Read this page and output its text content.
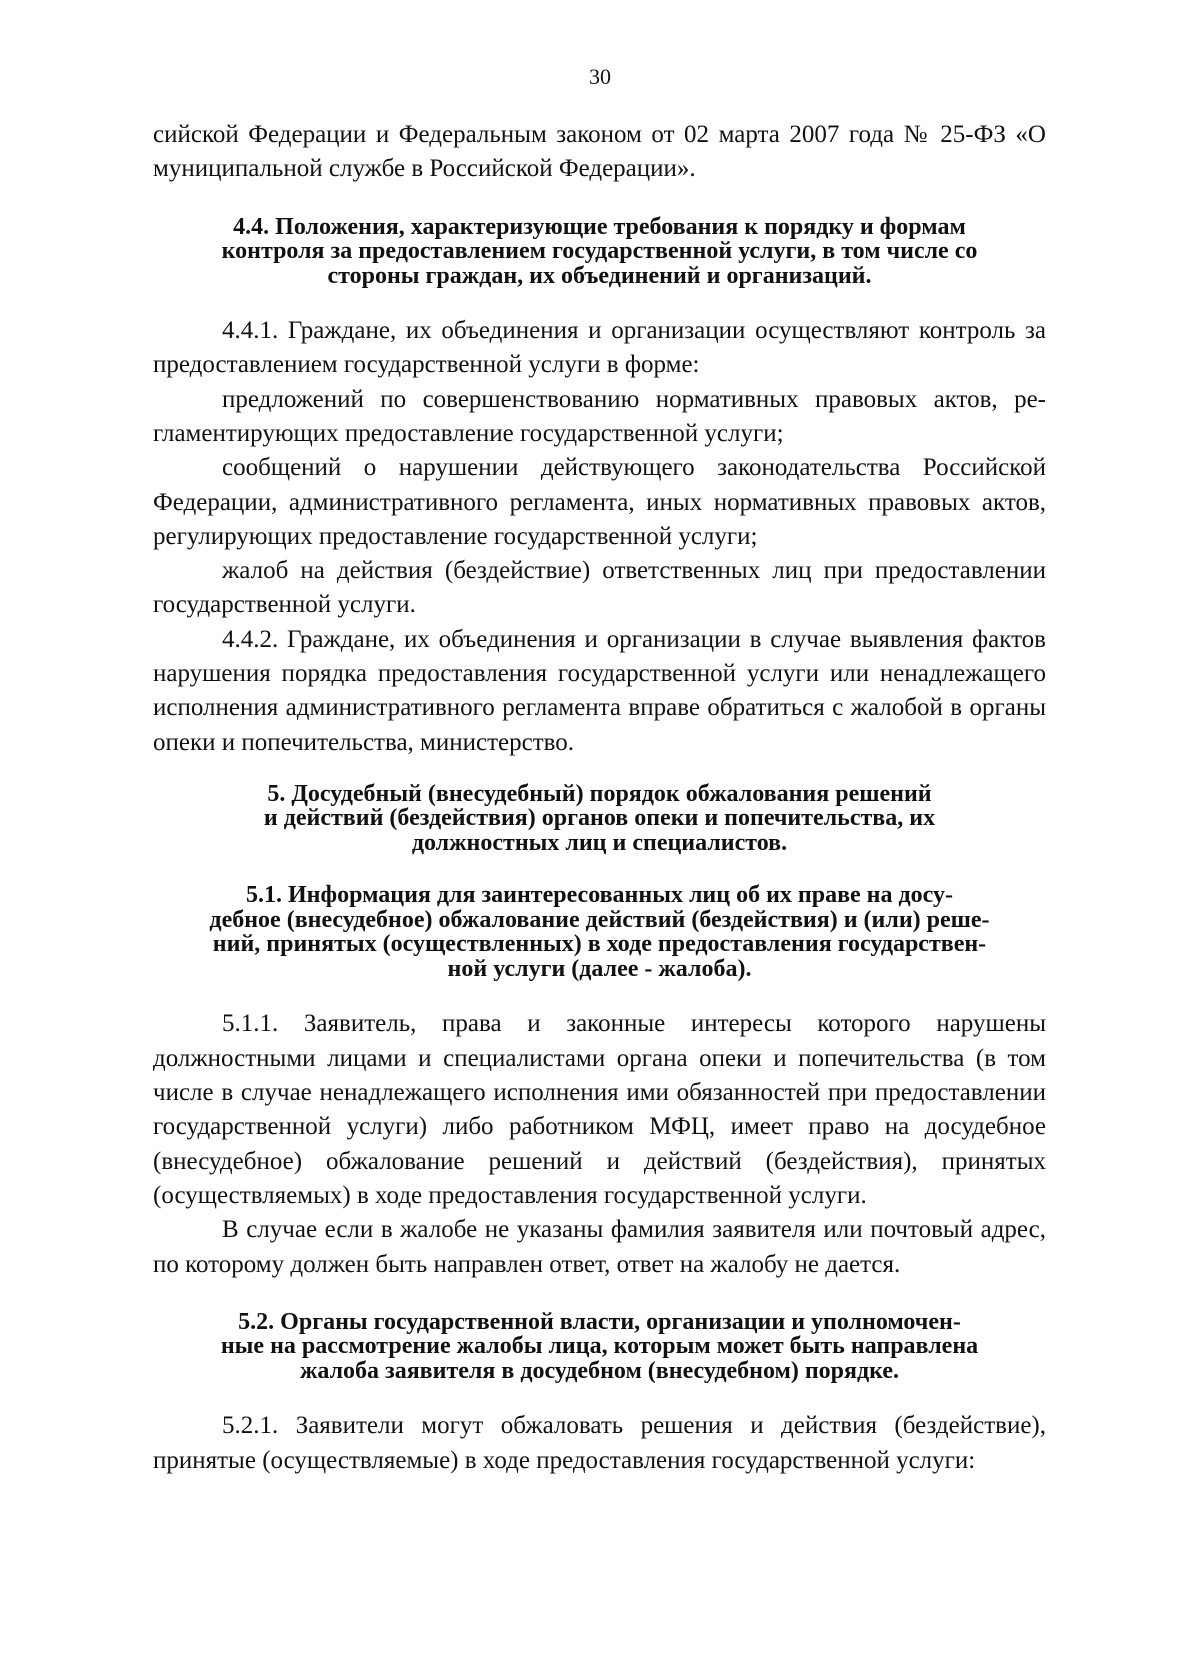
30

сийской Федерации и Федеральным законом от 02 марта 2007 года № 25-ФЗ «О муниципальной службе в Российской Федерации».

4.4. Положения, характеризующие требования к порядку и формам
контроля за предоставлением государственной услуги, в том числе со
стороны граждан, их объединений и организаций.

4.4.1. Граждане, их объединения и организации осуществляют контроль за предоставлением государственной услуги в форме:

предложений по совершенствованию нормативных правовых актов, регламентирующих предоставление государственной услуги;

сообщений о нарушении действующего законодательства Российской Федерации, административного регламента, иных нормативных правовых актов, регулирующих предоставление государственной услуги;

жалоб на действия (бездействие) ответственных лиц при предоставлении государственной услуги.

4.4.2. Граждане, их объединения и организации в случае выявления фактов нарушения порядка предоставления государственной услуги или ненадлежащего исполнения административного регламента вправе обратиться с жалобой в органы опеки и попечительства, министерство.

5. Досудебный (внесудебный) порядок обжалования решений
и действий (бездействия) органов опеки и попечительства, их
должностных лиц и специалистов.
5.1. Информация для заинтересованных лиц об их праве на досу-
дебное (внесудебное) обжалование действий (бездействия) и (или) реше-
ний, принятых (осуществленных) в ходе предоставления государствен-
ной услуги (далее - жалоба).

5.1.1. Заявитель, права и законные интересы которого нарушены должностными лицами и специалистами органа опеки и попечительства (в том числе в случае ненадлежащего исполнения ими обязанностей при предоставлении государственной услуги) либо работником МФЦ, имеет право на досудебное (внесудебное) обжалование решений и действий (бездействия), принятых (осуществляемых) в ходе предоставления государственной услуги.

В случае если в жалобе не указаны фамилия заявителя или почтовый адрес, по которому должен быть направлен ответ, ответ на жалобу не дается.

5.2. Органы государственной власти, организации и уполномочен-
ные на рассмотрение жалобы лица, которым может быть направлена
жалоба заявителя в досудебном (внесудебном) порядке.

5.2.1. Заявители могут обжаловать решения и действия (бездействие), принятые (осуществляемые) в ходе предоставления государственной услуги:
